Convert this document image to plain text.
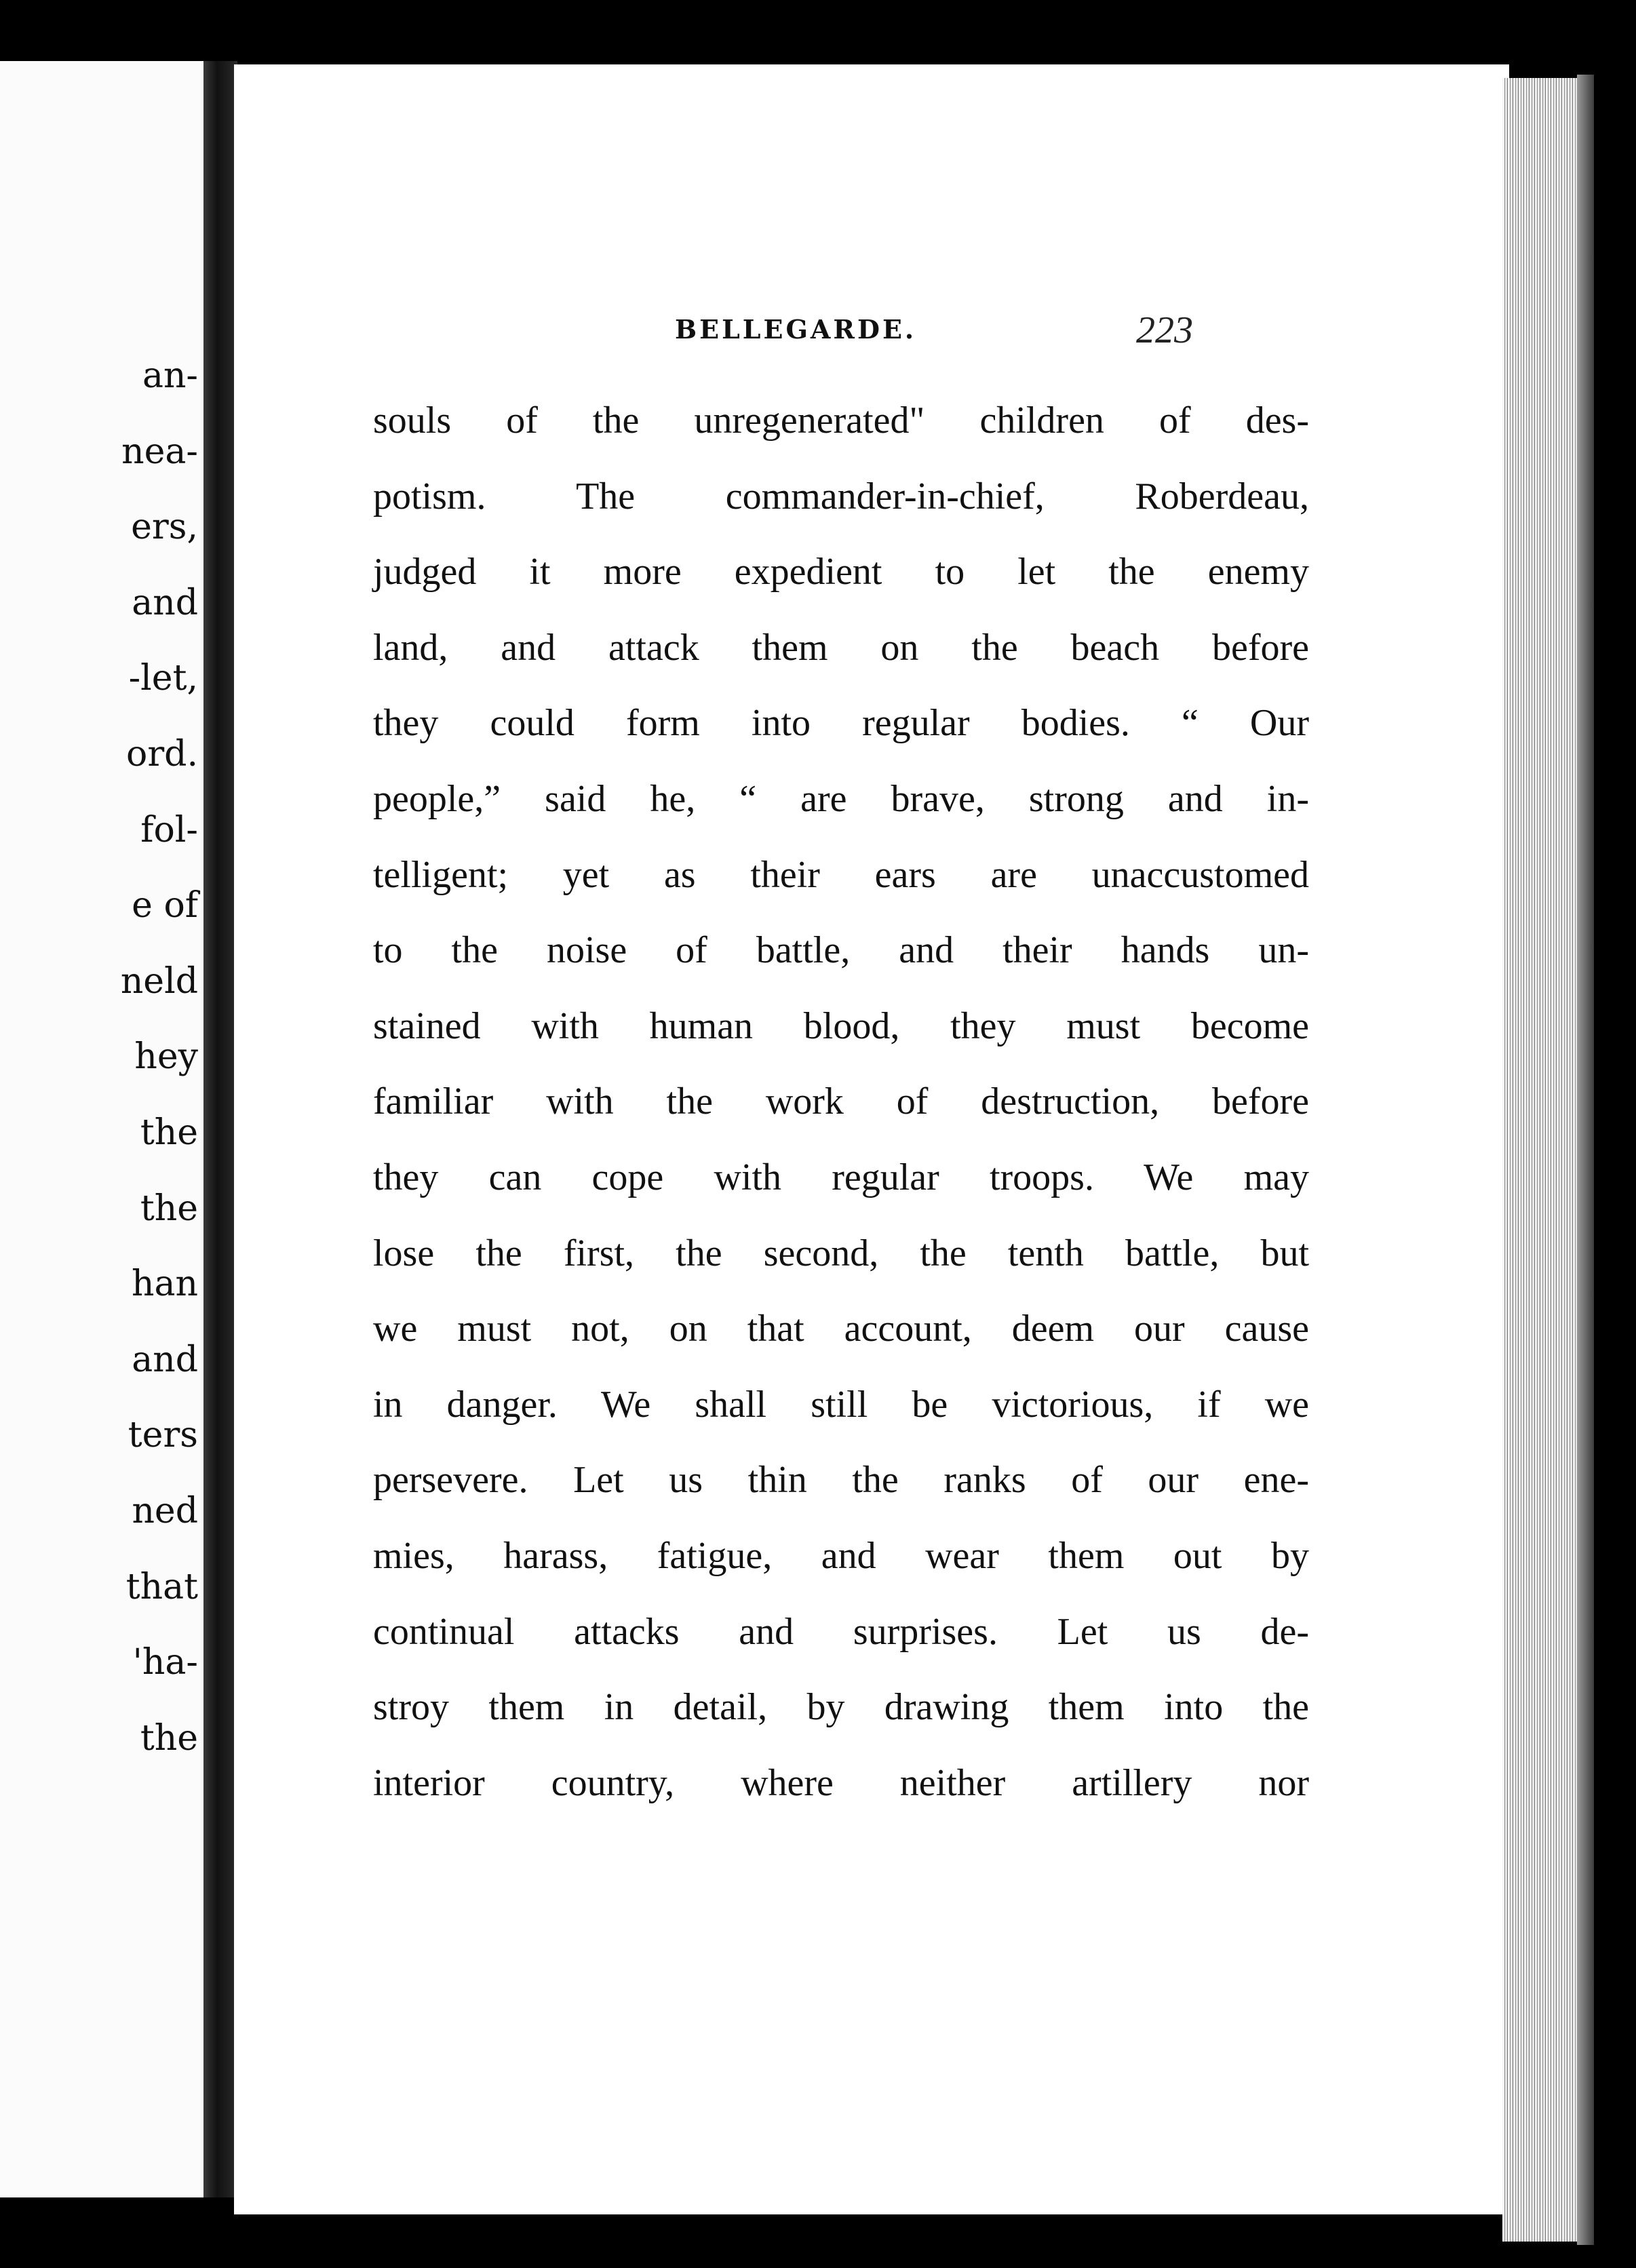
an-
nea-
ers,
and
-let,
ord.
fol-
e of
neld
hey
the
the
han
and
ters
ned
that
'ha-
the
BELLEGARDE.	223
souls of the unregenerated" children of des-
potism. The commander-in-chief, Roberdeau,
judged it more expedient to let the enemy
land, and attack them on the beach before
they could form into regular bodies. “ Our
people,” said he, “ are brave, strong and in-
telligent; yet as their ears are unaccustomed
to the noise of battle, and their hands un-
stained with human blood, they must become
familiar with the work of destruction, before
they can cope with regular troops. We may
lose the first, the second, the tenth battle, but
we must not, on that account, deem our cause
in danger. We shall still be victorious, if we
persevere. Let us thin the ranks of our ene-
mies, harass, fatigue, and wear them out by
continual attacks and surprises. Let us de-
stroy them in detail, by drawing them into the
interior country, where neither artillery nor
